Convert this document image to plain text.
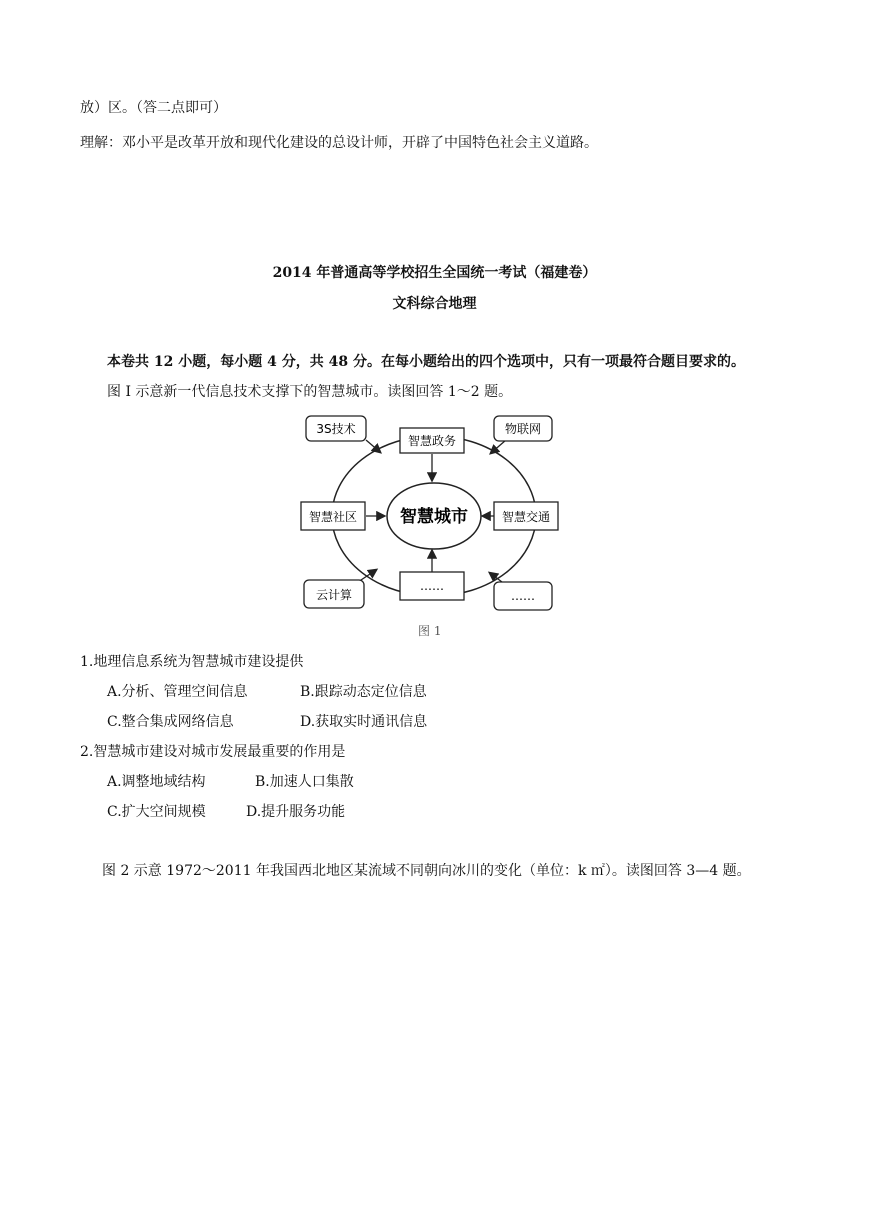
放）区。（答二点即可）
理解：邓小平是改革开放和现代化建设的总设计师，开辟了中国特色社会主义道路。
2014 年普通高等学校招生全国统一考试（福建卷）
文科综合地理
本卷共 12 小题，每小题 4 分，共 48 分。在每小题给出的四个选项中，只有一项最符合题目要求的。
图 I 示意新一代信息技术支撑下的智慧城市。读图回答 1～2 题。
智慧城市
智慧政务
智慧社区	智慧交通
……
3S技术	物联网
云计算	……
图 1
1.地理信息系统为智慧城市建设提供
A.分析、管理空间信息	B.跟踪动态定位信息
C.整合集成网络信息	D.获取实时通讯信息
2.智慧城市建设对城市发展最重要的作用是
A.调整地域结构	B.加速人口集散
C.扩大空间规模	D.提升服务功能
图 2 示意 1972～2011 年我国西北地区某流域不同朝向冰川的变化（单位：k ㎡）。读图回答 3—4 题。
